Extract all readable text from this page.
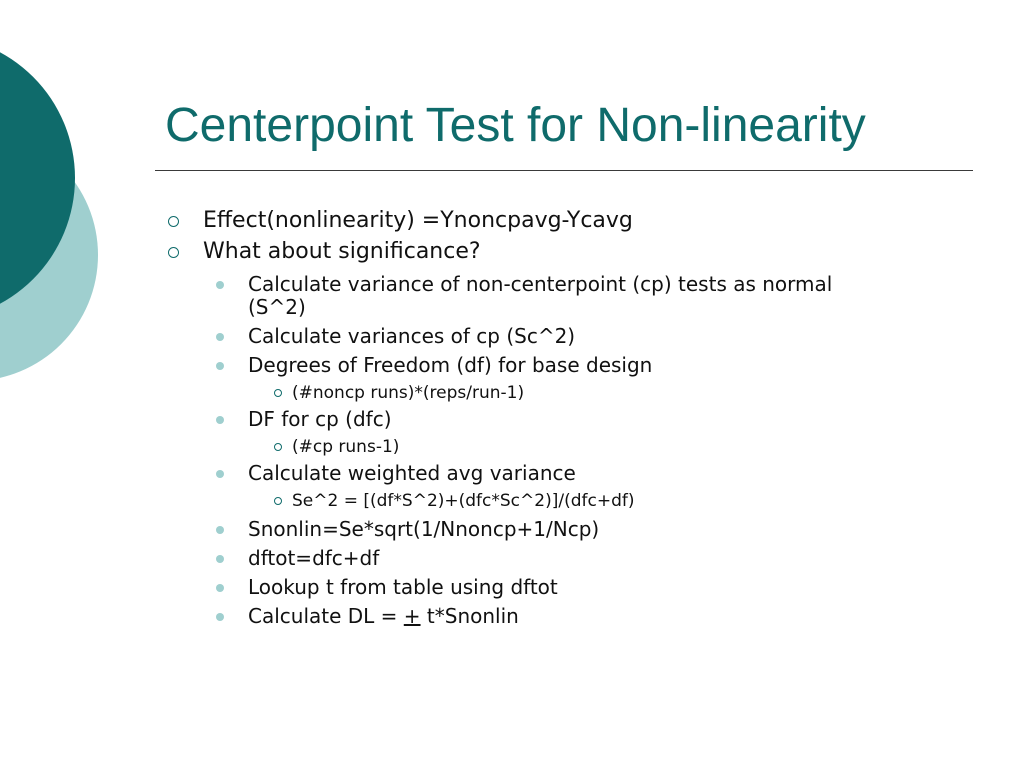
Centerpoint Test for Non-linearity
Effect(nonlinearity) =Ynoncpavg-Ycavg
What about significance?
Calculate variance of non-centerpoint (cp) tests as normal
(S^2)
Calculate variances of cp (Sc^2)
Degrees of Freedom (df) for base design
(#noncp runs)*(reps/run-1)
DF for cp (dfc)
(#cp runs-1)
Calculate weighted avg variance
Se^2 = [(df*S^2)+(dfc*Sc^2)]/(dfc+df)
Snonlin=Se*sqrt(1/Nnoncp+1/Ncp)
dftot=dfc+df
Lookup t from table using dftot
Calculate DL = + t*Snonlin
